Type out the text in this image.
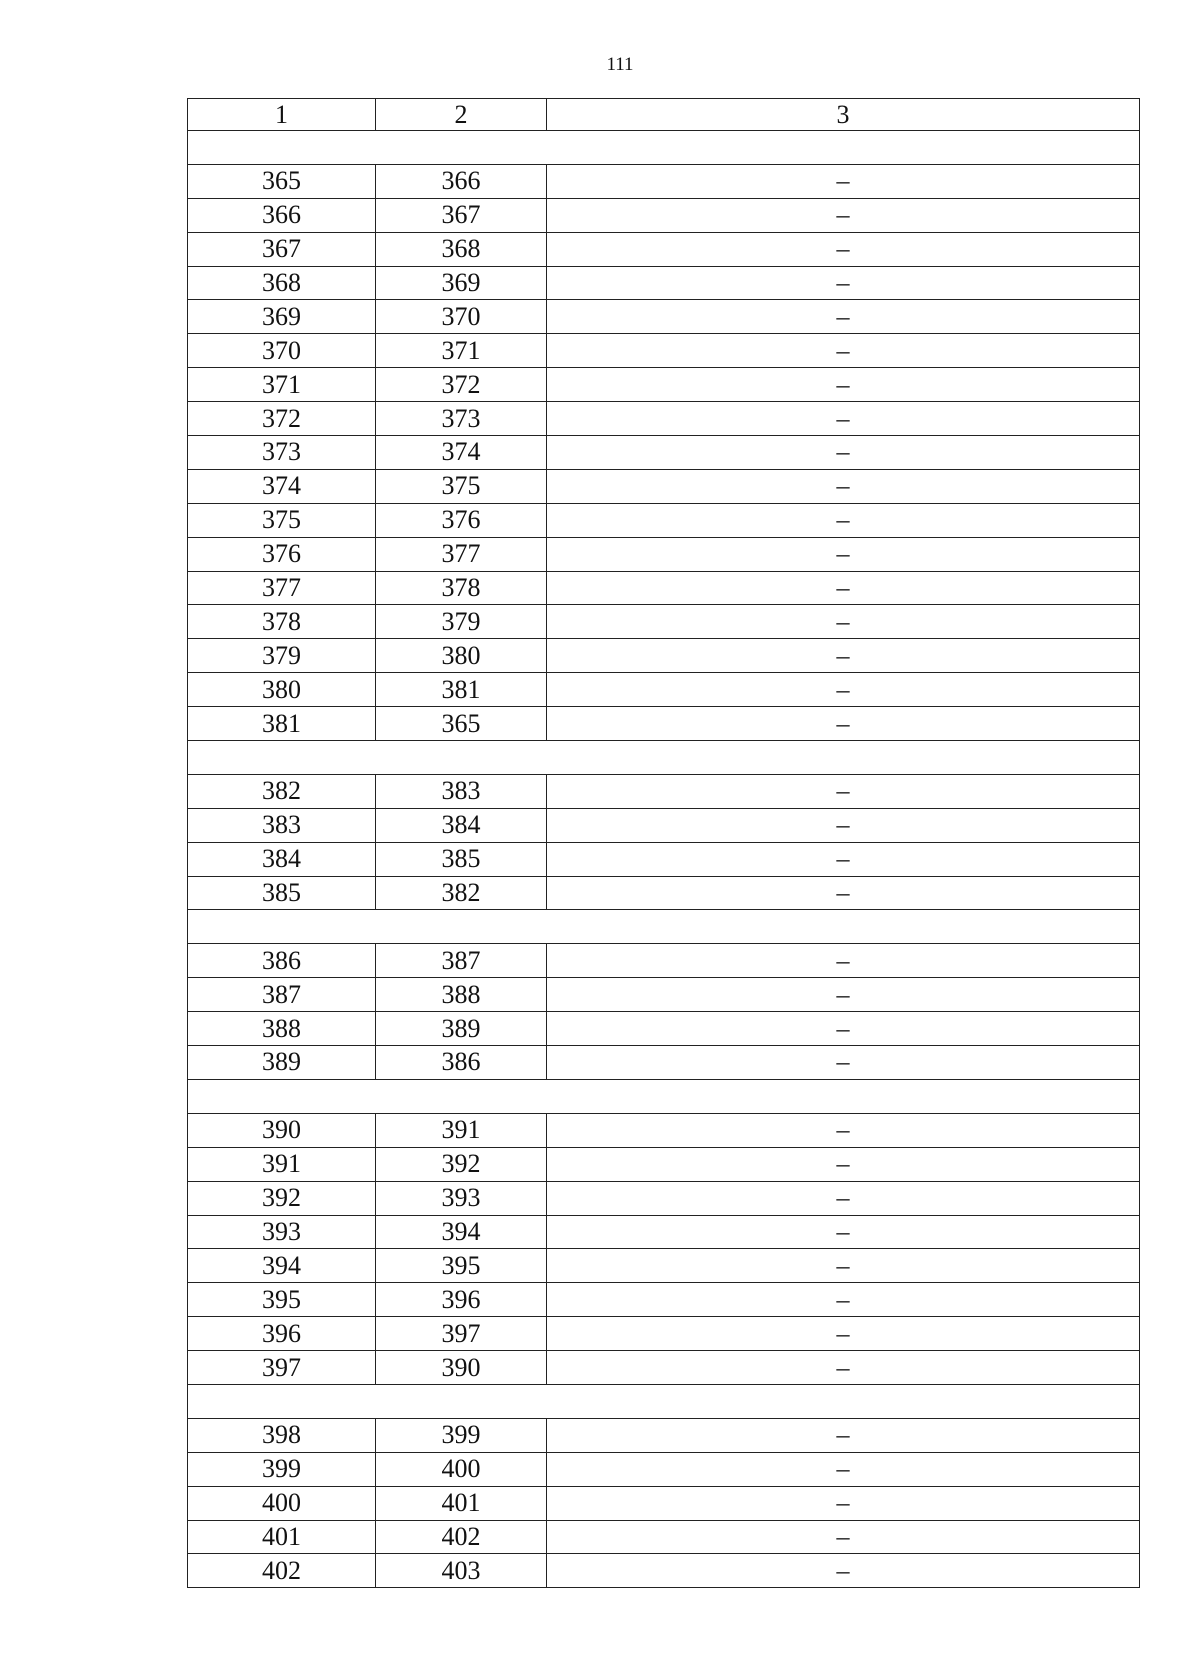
111
1	2	3

365	366	–
366	367	–
367	368	–
368	369	–
369	370	–
370	371	–
371	372	–
372	373	–
373	374	–
374	375	–
375	376	–
376	377	–
377	378	–
378	379	–
379	380	–
380	381	–
381	365	–

382	383	–
383	384	–
384	385	–
385	382	–

386	387	–
387	388	–
388	389	–
389	386	–

390	391	–
391	392	–
392	393	–
393	394	–
394	395	–
395	396	–
396	397	–
397	390	–

398	399	–
399	400	–
400	401	–
401	402	–
402	403	–
